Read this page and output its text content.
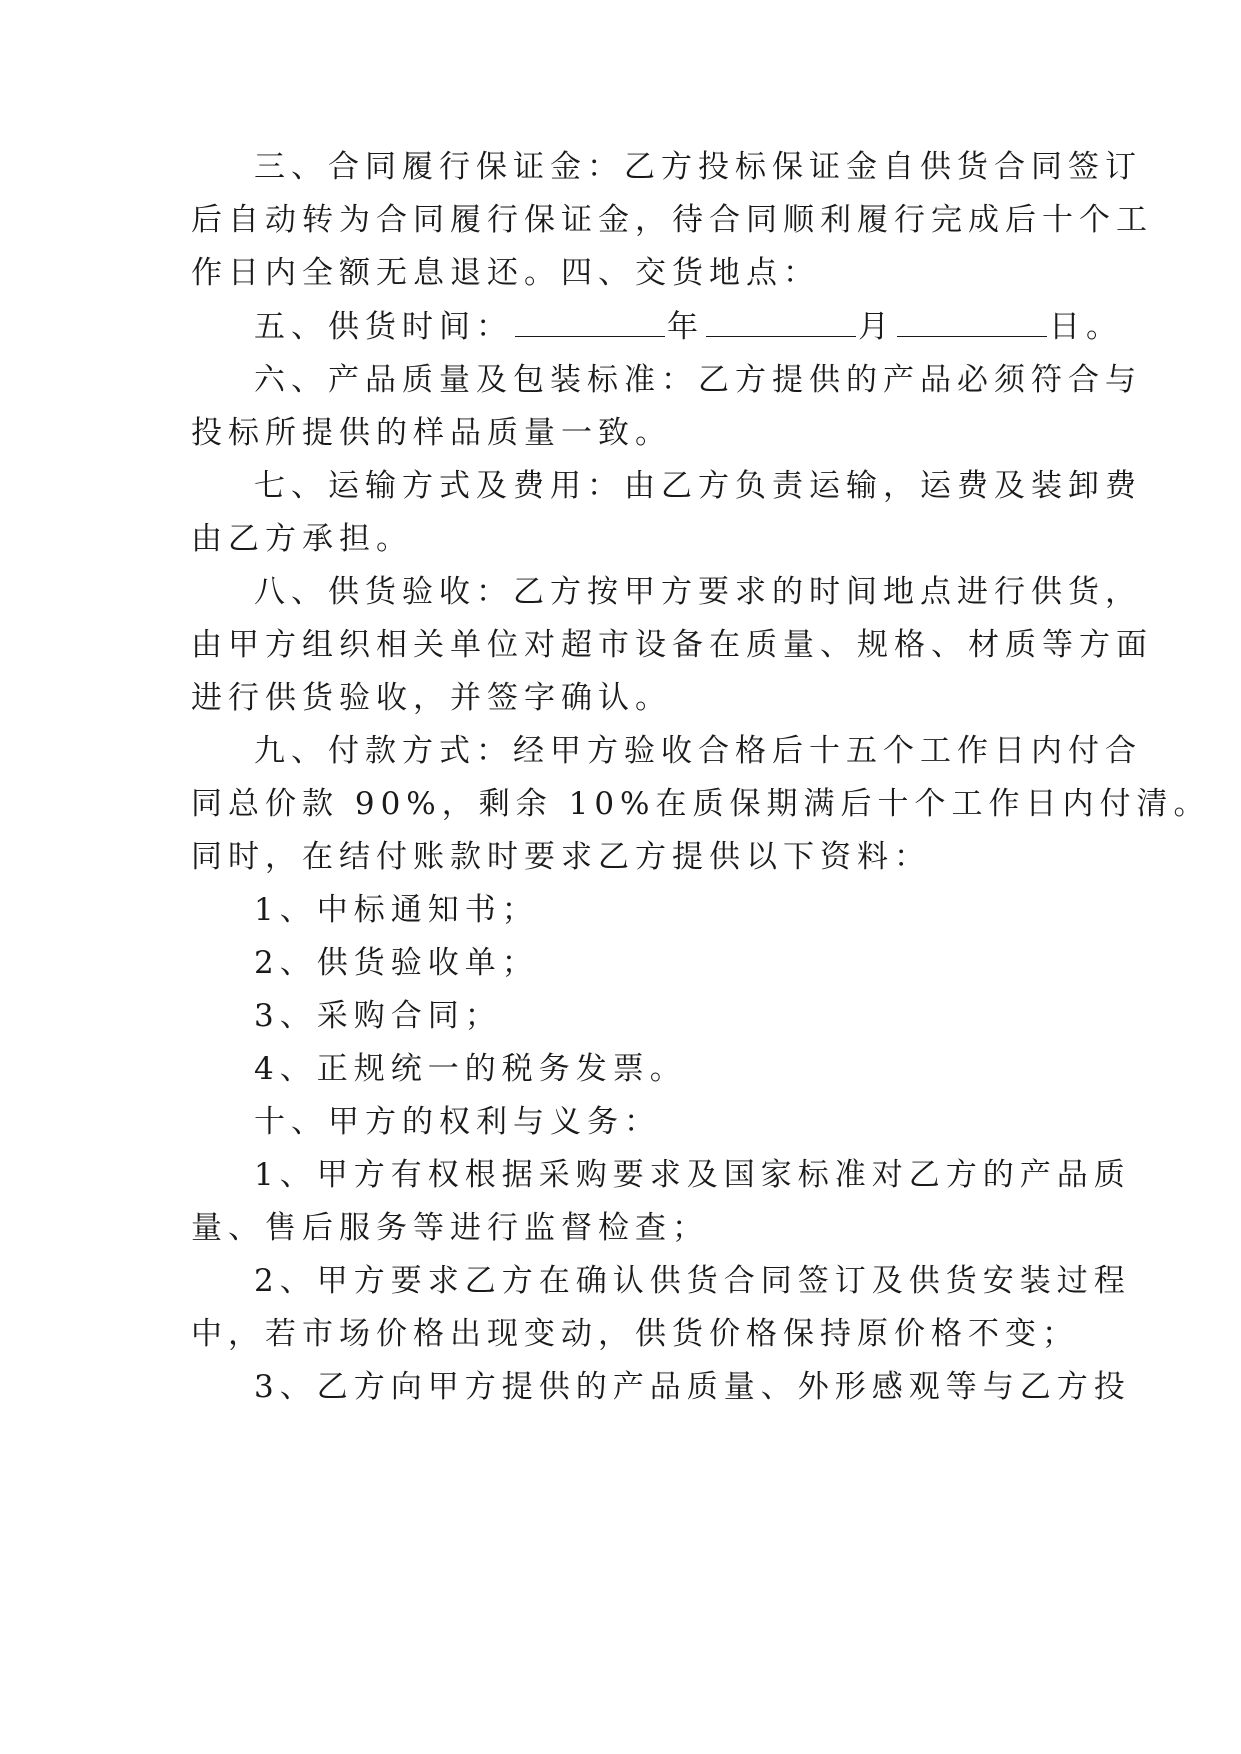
三、合同履行保证金：乙方投标保证金自供货合同签订
后自动转为合同履行保证金，待合同顺利履行完成后十个工
作日内全额无息退还。四、交货地点：
五、供货时间：	年	月	日。
六、产品质量及包装标准：乙方提供的产品必须符合与
投标所提供的样品质量一致。
七、运输方式及费用：由乙方负责运输，运费及装卸费
由乙方承担。
八、供货验收：乙方按甲方要求的时间地点进行供货，
由甲方组织相关单位对超市设备在质量、规格、材质等方面
进行供货验收，并签字确认。
九、付款方式：经甲方验收合格后十五个工作日内付合
同总价款 90%，剩余 10%在质保期满后十个工作日内付清。
同时，在结付账款时要求乙方提供以下资料：
1、中标通知书；
2、供货验收单；
3、采购合同；
4、正规统一的税务发票。
十、甲方的权利与义务：
1、甲方有权根据采购要求及国家标准对乙方的产品质
量、售后服务等进行监督检查；
2、甲方要求乙方在确认供货合同签订及供货安装过程
中，若市场价格出现变动，供货价格保持原价格不变；
3、乙方向甲方提供的产品质量、外形感观等与乙方投
